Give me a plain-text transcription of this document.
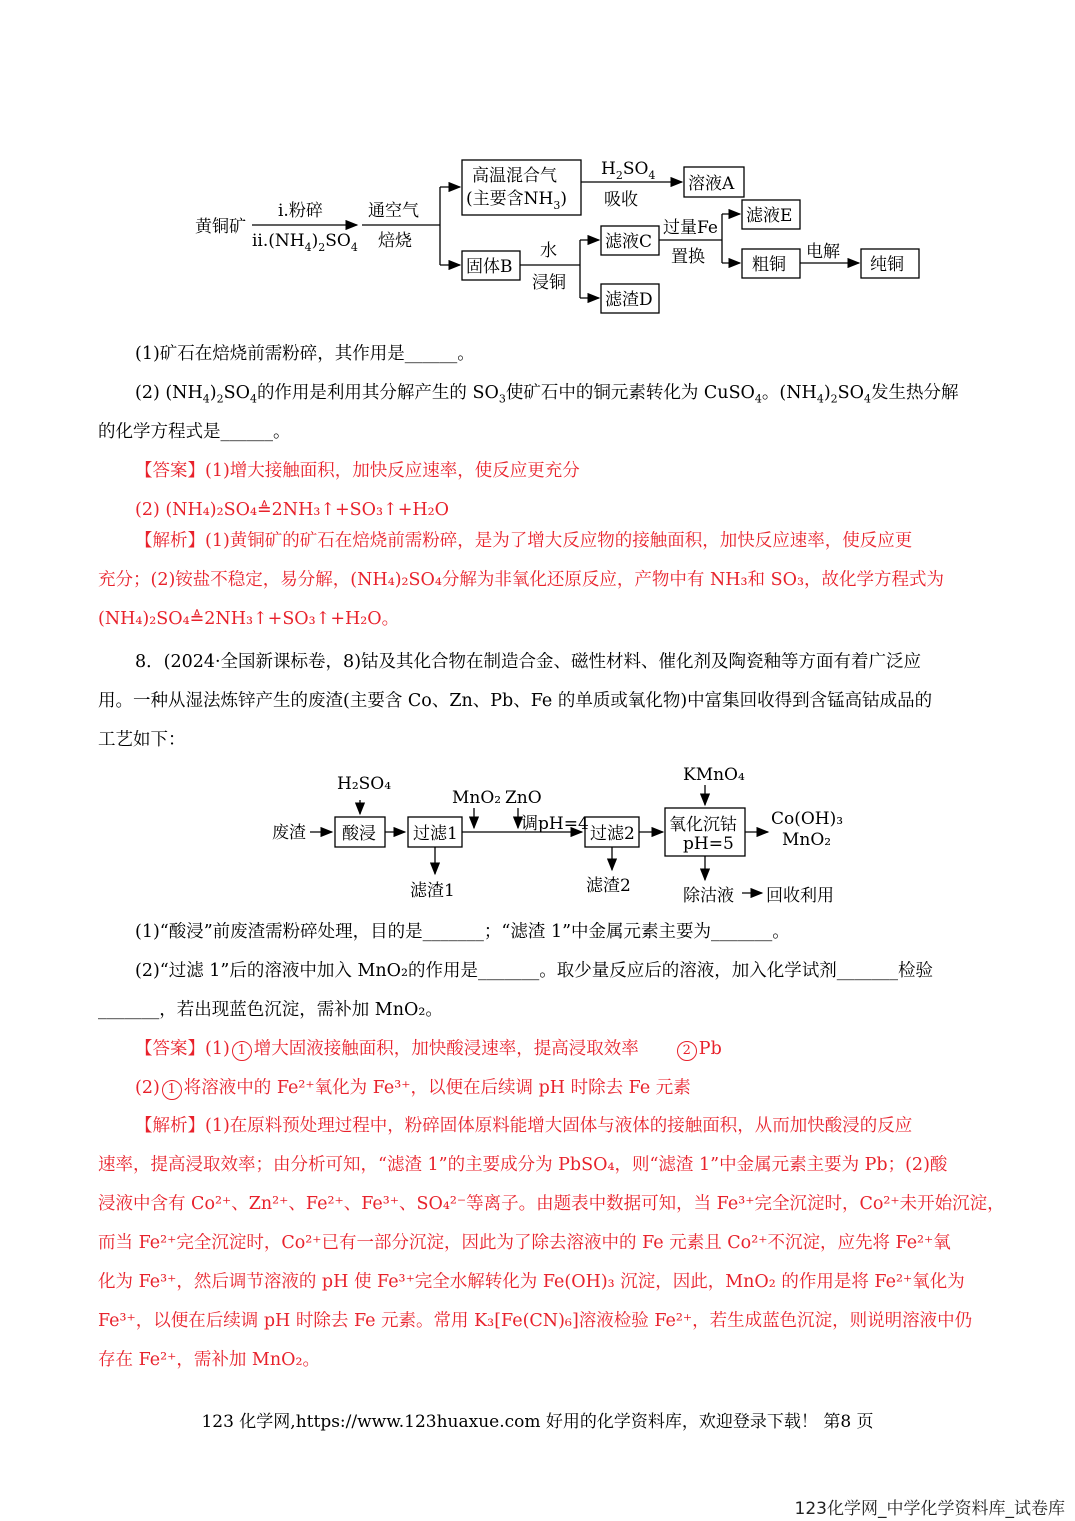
黄铜矿
i.粉碎
$ii.(NH_4)_2SO_4$
通空气
焙烧
高温混合气
(主要含$NH_3$)
$H_2SO_4$
吸收
溶液A
固体B
水
浸铜
滤液C
滤渣D
过量Fe
置换
滤液E
粗铜
电解
纯铜
废渣
H₂SO₄
酸浸 过滤1
滤渣1
MnO₂ ZnO
调pH=4 过滤2
滤渣2
KMnO₄
氧化沉钴
pH=5
Co(OH)₃
MnO₂
除沽液 回收利用
(1)矿石在焙烧前需粉碎，其作用是______。
(2) $(NH_4)_2SO_4$的作用是利用其分解产生的 $SO_3$使矿石中的铜元素转化为 CuSO$_4$。$(NH_4)_2SO_4$发生热分解
的化学方程式是______。
【答案】(1)增大接触面积，加快反应速率，使反应更充分
(2) (NH₄)₂SO₄≜2NH₃↑+SO₃↑+H₂O
【解析】(1)黄铜矿的矿石在焙烧前需粉碎，是为了增大反应物的接触面积，加快反应速率，使反应更
充分；(2)铵盐不稳定，易分解，(NH₄)₂SO₄分解为非氧化还原反应，产物中有 NH₃和 SO₃，故化学方程式为
(NH₄)₂SO₄≜2NH₃↑+SO₃↑+H₂O。
8．(2024·全国新课标卷，8)钴及其化合物在制造合金、磁性材料、催化剂及陶瓷釉等方面有着广泛应
用。一种从湿法炼锌产生的废渣(主要含 Co、Zn、Pb、Fe 的单质或氧化物)中富集回收得到含锰高钴成品的
工艺如下：
(1)“酸浸”前废渣需粉碎处理，目的是_______；“滤渣 1”中金属元素主要为_______。
(2)“过滤 1”后的溶液中加入 MnO₂的作用是_______。取少量反应后的溶液，加入化学试剂_______检验
_______，若出现蓝色沉淀，需补加 MnO₂。
【答案】(1) 1 增大固液接触面积，加快酸浸速率，提高浸取效率	2 Pb
(2) 1 将溶液中的 Fe²⁺氧化为 Fe³⁺，以便在后续调 pH 时除去 Fe 元素
【解析】(1)在原料预处理过程中，粉碎固体原料能增大固体与液体的接触面积，从而加快酸浸的反应
速率，提高浸取效率；由分析可知，“滤渣 1”的主要成分为 PbSO₄，则“滤渣 1”中金属元素主要为 Pb；(2)酸
浸液中含有 Co²⁺、Zn²⁺、Fe²⁺、Fe³⁺、SO₄²⁻等离子。由题表中数据可知，当 Fe³⁺完全沉淀时，Co²⁺未开始沉淀，
而当 Fe²⁺完全沉淀时，Co²⁺已有一部分沉淀，因此为了除去溶液中的 Fe 元素且 Co²⁺不沉淀，应先将 Fe²⁺氧
化为 Fe³⁺，然后调节溶液的 pH 使 Fe³⁺完全水解转化为 Fe(OH)₃ 沉淀，因此，MnO₂ 的作用是将 Fe²⁺氧化为
Fe³⁺，以便在后续调 pH 时除去 Fe 元素。常用 K₃[Fe(CN)₆]溶液检验 Fe²⁺，若生成蓝色沉淀，则说明溶液中仍
存在 Fe²⁺，需补加 MnO₂。
123 化学网,https://www.123huaxue.com 好用的化学资料库，欢迎登录下载！ 第8 页
123化学网_中学化学资料库_试卷库
